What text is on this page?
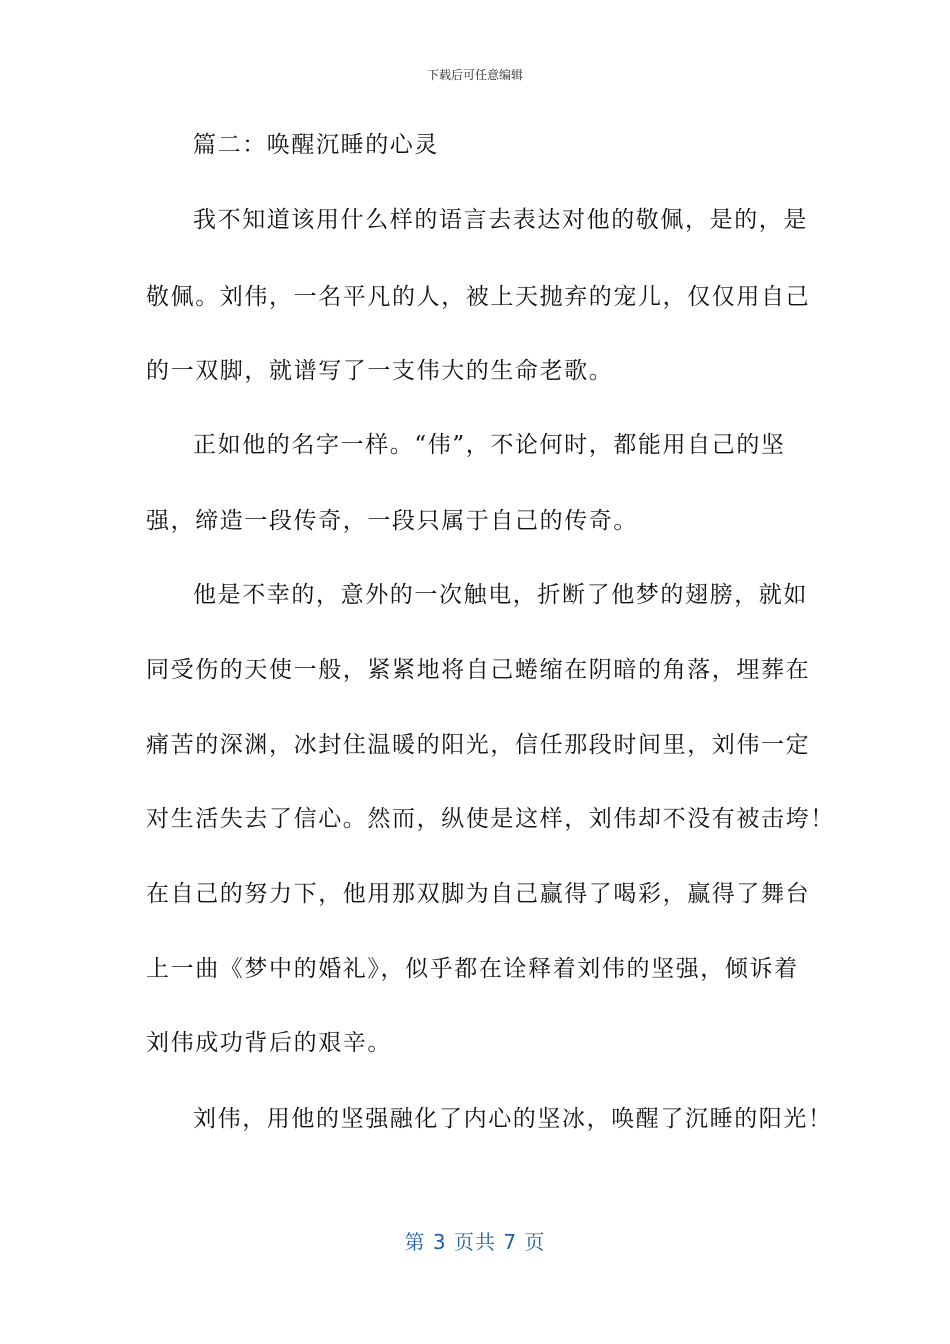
下载后可任意编辑
篇二：唤醒沉睡的心灵
我不知道该用什么样的语言去表达对他的敬佩，是的，是
敬佩。刘伟，一名平凡的人，被上天抛弃的宠儿，仅仅用自己
的一双脚，就谱写了一支伟大的生命老歌。
正如他的名字一样。“伟”，不论何时，都能用自己的坚
强，缔造一段传奇，一段只属于自己的传奇。
他是不幸的，意外的一次触电，折断了他梦的翅膀，就如
同受伤的天使一般，紧紧地将自己蜷缩在阴暗的角落，埋葬在
痛苦的深渊，冰封住温暖的阳光，信任那段时间里，刘伟一定
对生活失去了信心。然而，纵使是这样，刘伟却不没有被击垮！
在自己的努力下，他用那双脚为自己赢得了喝彩，赢得了舞台
上一曲《梦中的婚礼》，似乎都在诠释着刘伟的坚强，倾诉着
刘伟成功背后的艰辛。
刘伟，用他的坚强融化了内心的坚冰，唤醒了沉睡的阳光！
第 3 页共 7 页
